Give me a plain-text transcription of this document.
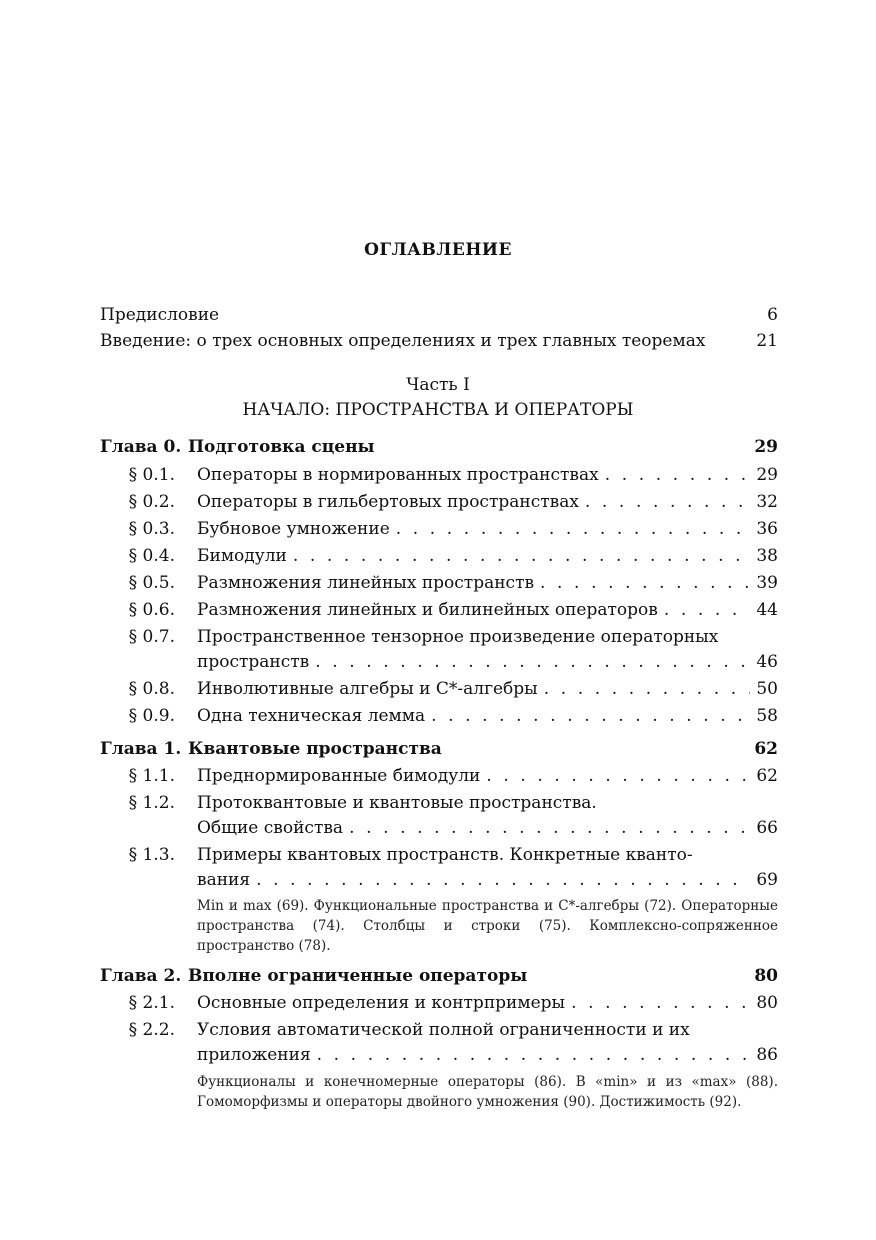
ОГЛАВЛЕНИЕ
Предисловие	6
Введение: о трех основных определениях и трех главных теоремах	21
Часть I
НАЧАЛО: ПРОСТРАНСТВА И ОПЕРАТОРЫ
Глава 0. Подготовка сцены	29
§ 0.1.	Операторы в нормированных пространствах . . .	29
§ 0.2.	Операторы в гильбертовых пространствах . . .	32
§ 0.3.	Бубновое умножение . . .	36
§ 0.4.	Бимодули . . .	38
§ 0.5.	Размножения линейных пространств . . .	39
§ 0.6.	Размножения линейных и билинейных операторов . . .	44
§ 0.7.	Пространственное тензорное произведение операторных
пространств . . .	46
§ 0.8.	Инволютивные алгебры и C*-алгебры . . .	50
§ 0.9.	Одна техническая лемма . . .	58
Глава 1. Квантовые пространства	62
§ 1.1.	Преднормированные бимодули . . .	62
§ 1.2.	Протоквантовые и квантовые пространства.
Общие свойства . . .	66
§ 1.3.	Примеры квантовых пространств. Конкретные кванто-
вания . . .	69
Min и max (69). Функциональные пространства и C*-алгебры (72). Операторные пространства (74). Столбцы и строки (75). Комплексно-сопряженное пространство (78).
Глава 2. Вполне ограниченные операторы	80
§ 2.1.	Основные определения и контрпримеры . . .	80
§ 2.2.	Условия автоматической полной ограниченности и их
приложения . . .	86
Функционалы и конечномерные операторы (86). В «min» и из «max» (88). Гомоморфизмы и операторы двойного умножения (90). Достижимость (92).
